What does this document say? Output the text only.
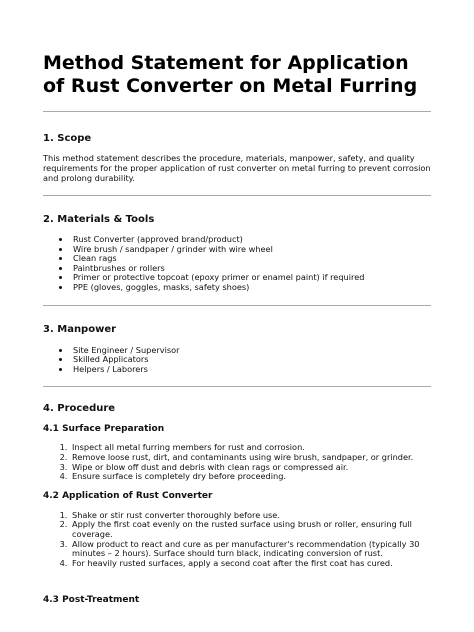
Method Statement for Application of Rust Converter on Metal Furring
1. Scope

This method statement describes the procedure, materials, manpower, safety, and quality requirements for the proper application of rust converter on metal furring to prevent corrosion and prolong durability.

2. Materials & Tools
• Rust Converter (approved brand/product)
• Wire brush / sandpaper / grinder with wire wheel
• Clean rags
• Paintbrushes or rollers
• Primer or protective topcoat (epoxy primer or enamel paint) if required
• PPE (gloves, goggles, masks, safety shoes)
3. Manpower
• Site Engineer / Supervisor
• Skilled Applicators
• Helpers / Laborers
4. Procedure
4.1 Surface Preparation
1. Inspect all metal furring members for rust and corrosion.
2. Remove loose rust, dirt, and contaminants using wire brush, sandpaper, or grinder.
3. Wipe or blow off dust and debris with clean rags or compressed air.
4. Ensure surface is completely dry before proceeding.
4.2 Application of Rust Converter
1. Shake or stir rust converter thoroughly before use.
2. Apply the first coat evenly on the rusted surface using brush or roller, ensuring full coverage.
3. Allow product to react and cure as per manufacturer's recommendation (typically 30 minutes – 2 hours). Surface should turn black, indicating conversion of rust.
4. For heavily rusted surfaces, apply a second coat after the first coat has cured.
4.3 Post-Treatment
